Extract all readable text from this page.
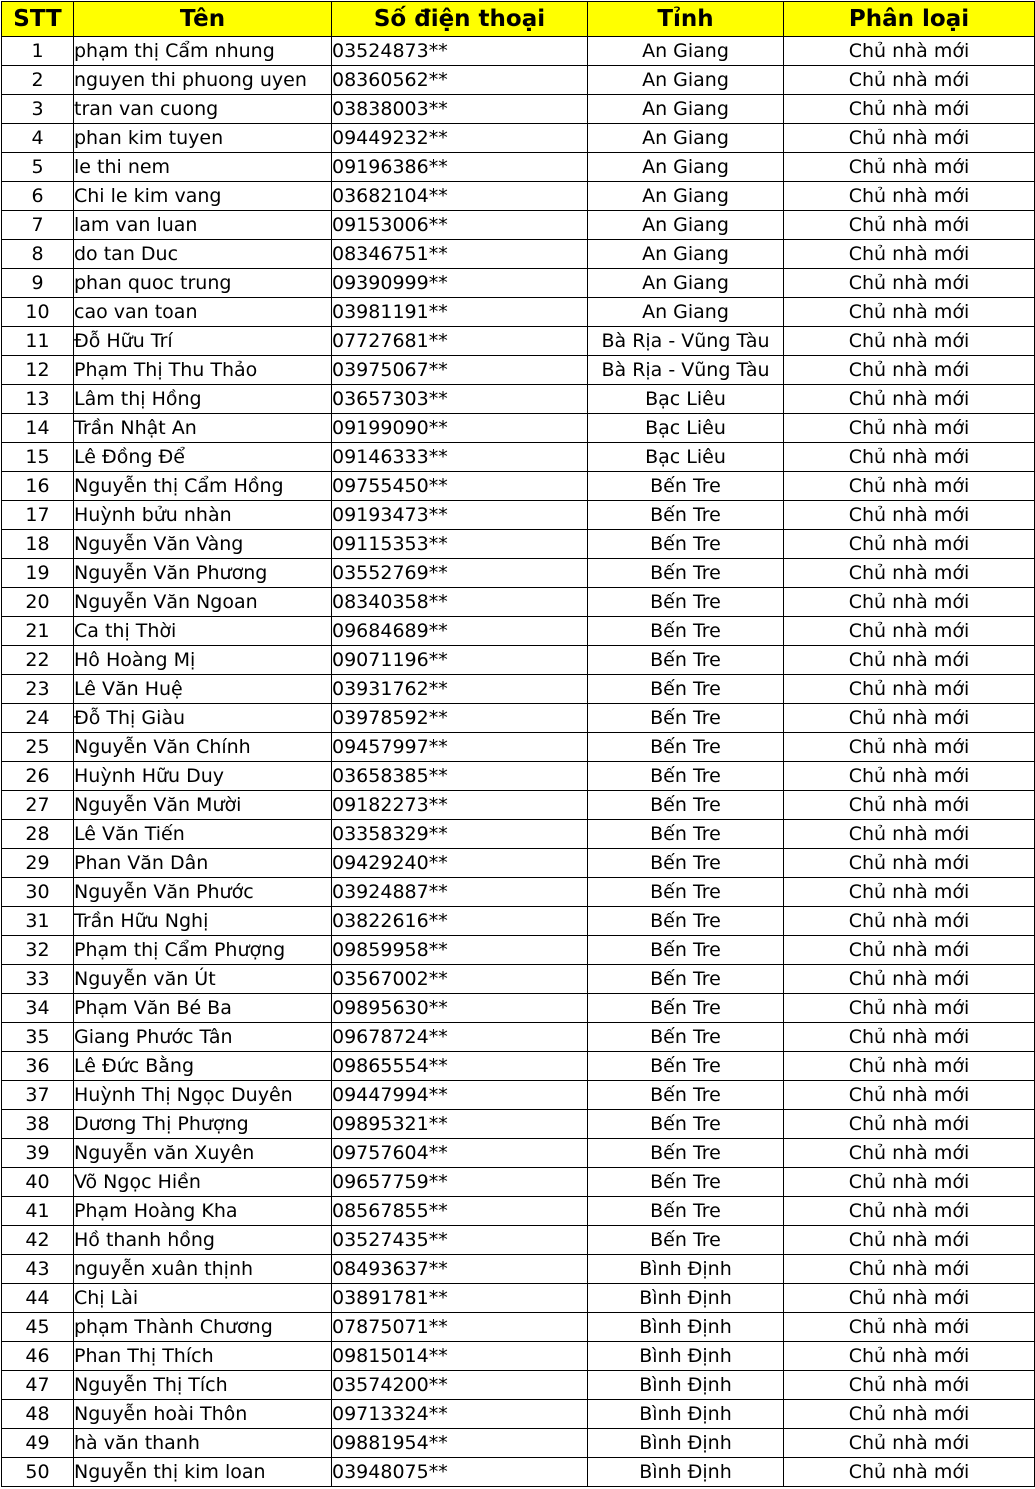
STT	Tên	Số điện thoại	Tỉnh	Phân loại
1	phạm thị Cẩm nhung	03524873**	An Giang	Chủ nhà mới
2	nguyen thi phuong uyen	08360562**	An Giang	Chủ nhà mới
3	tran van cuong	03838003**	An Giang	Chủ nhà mới
4	phan kim tuyen	09449232**	An Giang	Chủ nhà mới
5	le thi nem	09196386**	An Giang	Chủ nhà mới
6	Chi le kim vang	03682104**	An Giang	Chủ nhà mới
7	lam van luan	09153006**	An Giang	Chủ nhà mới
8	do tan Duc	08346751**	An Giang	Chủ nhà mới
9	phan quoc trung	09390999**	An Giang	Chủ nhà mới
10	cao van toan	03981191**	An Giang	Chủ nhà mới
11	Đỗ Hữu Trí	07727681**	Bà Rịa - Vũng Tàu	Chủ nhà mới
12	Phạm Thị Thu Thảo	03975067**	Bà Rịa - Vũng Tàu	Chủ nhà mới
13	Lâm thị Hồng	03657303**	Bạc Liêu	Chủ nhà mới
14	Trần Nhật An	09199090**	Bạc Liêu	Chủ nhà mới
15	Lê Đồng Để	09146333**	Bạc Liêu	Chủ nhà mới
16	Nguyễn thị Cẩm Hồng	09755450**	Bến Tre	Chủ nhà mới
17	Huỳnh bửu nhàn	09193473**	Bến Tre	Chủ nhà mới
18	Nguyễn Văn Vàng	09115353**	Bến Tre	Chủ nhà mới
19	Nguyễn Văn Phương	03552769**	Bến Tre	Chủ nhà mới
20	Nguyễn Văn Ngoan	08340358**	Bến Tre	Chủ nhà mới
21	Ca thị Thời	09684689**	Bến Tre	Chủ nhà mới
22	Hô Hoàng Mị	09071196**	Bến Tre	Chủ nhà mới
23	Lê Văn Huệ	03931762**	Bến Tre	Chủ nhà mới
24	Đỗ Thị Giàu	03978592**	Bến Tre	Chủ nhà mới
25	Nguyễn Văn Chính	09457997**	Bến Tre	Chủ nhà mới
26	Huỳnh Hữu Duy	03658385**	Bến Tre	Chủ nhà mới
27	Nguyễn Văn Mười	09182273**	Bến Tre	Chủ nhà mới
28	Lê Văn Tiến	03358329**	Bến Tre	Chủ nhà mới
29	Phan Văn Dân	09429240**	Bến Tre	Chủ nhà mới
30	Nguyễn Văn Phước	03924887**	Bến Tre	Chủ nhà mới
31	Trần Hữu Nghị	03822616**	Bến Tre	Chủ nhà mới
32	Phạm thị Cẩm Phượng	09859958**	Bến Tre	Chủ nhà mới
33	Nguyễn văn Út	03567002**	Bến Tre	Chủ nhà mới
34	Phạm Văn Bé Ba	09895630**	Bến Tre	Chủ nhà mới
35	Giang Phước Tân	09678724**	Bến Tre	Chủ nhà mới
36	Lê Đức Bằng	09865554**	Bến Tre	Chủ nhà mới
37	Huỳnh Thị Ngọc Duyên	09447994**	Bến Tre	Chủ nhà mới
38	Dương Thị Phượng	09895321**	Bến Tre	Chủ nhà mới
39	Nguyễn văn Xuyên	09757604**	Bến Tre	Chủ nhà mới
40	Võ Ngọc Hiền	09657759**	Bến Tre	Chủ nhà mới
41	Phạm Hoàng Kha	08567855**	Bến Tre	Chủ nhà mới
42	Hồ thanh hồng	03527435**	Bến Tre	Chủ nhà mới
43	nguyễn xuân thịnh	08493637**	Bình Định	Chủ nhà mới
44	Chị Lài	03891781**	Bình Định	Chủ nhà mới
45	phạm Thành Chương	07875071**	Bình Định	Chủ nhà mới
46	Phan Thị Thích	09815014**	Bình Định	Chủ nhà mới
47	Nguyễn Thị Tích	03574200**	Bình Định	Chủ nhà mới
48	Nguyễn hoài Thôn	09713324**	Bình Định	Chủ nhà mới
49	hà văn thanh	09881954**	Bình Định	Chủ nhà mới
50	Nguyễn thị kim loan	03948075**	Bình Định	Chủ nhà mới
